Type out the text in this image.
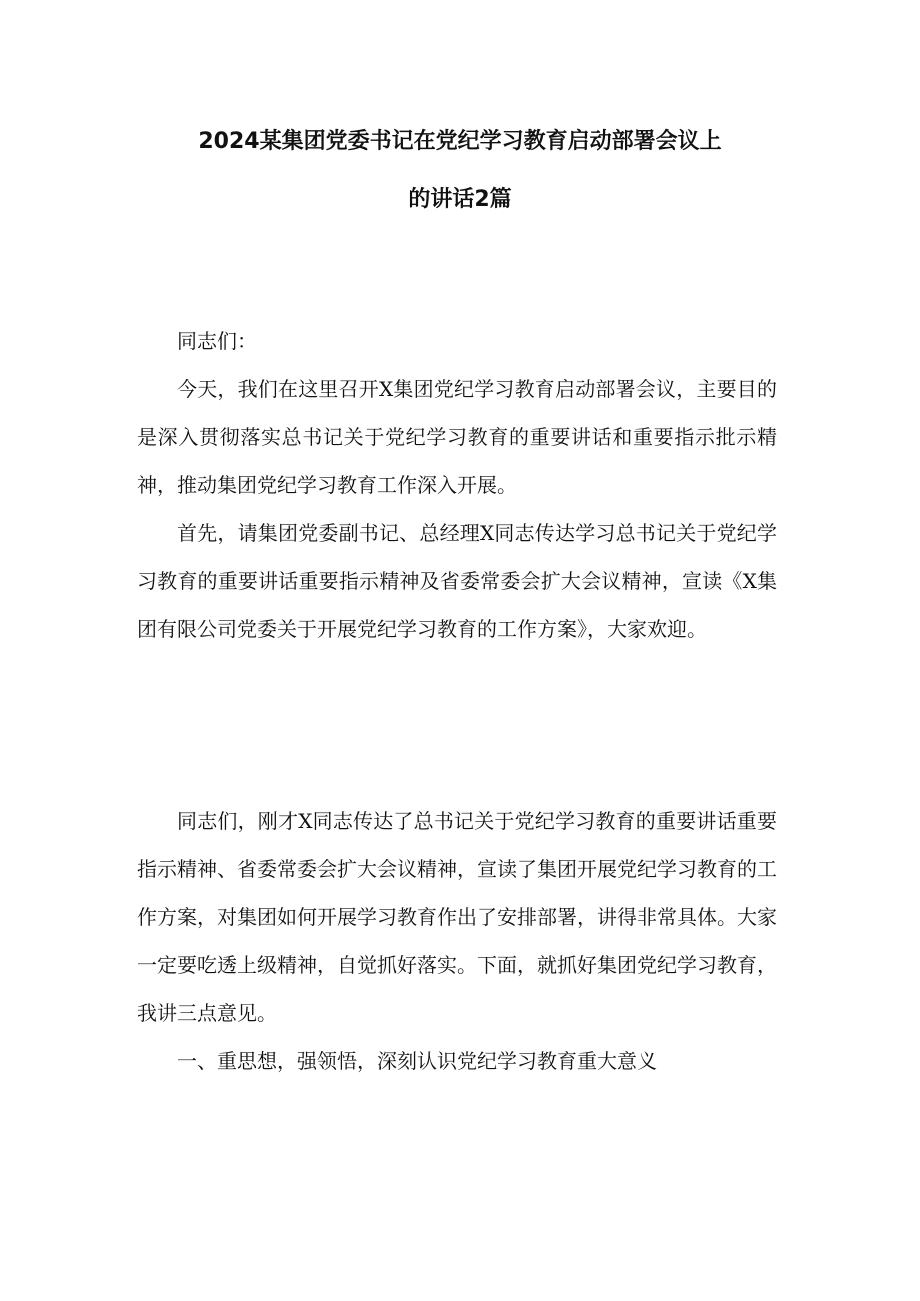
2024某集团党委书记在党纪学习教育启动部署会议上
的讲话2篇

同志们：

今天，我们在这里召开X集团党纪学习教育启动部署会议，主要目的是深入贯彻落实总书记关于党纪学习教育的重要讲话和重要指示批示精神，推动集团党纪学习教育工作深入开展。

首先，请集团党委副书记、总经理X同志传达学习总书记关于党纪学习教育的重要讲话重要指示精神及省委常委会扩大会议精神，宣读《X集团有限公司党委关于开展党纪学习教育的工作方案》，大家欢迎。

同志们，刚才X同志传达了总书记关于党纪学习教育的重要讲话重要指示精神、省委常委会扩大会议精神，宣读了集团开展党纪学习教育的工作方案，对集团如何开展学习教育作出了安排部署，讲得非常具体。大家一定要吃透上级精神，自觉抓好落实。下面，就抓好集团党纪学习教育，我讲三点意见。

一、重思想，强领悟，深刻认识党纪学习教育重大意义
